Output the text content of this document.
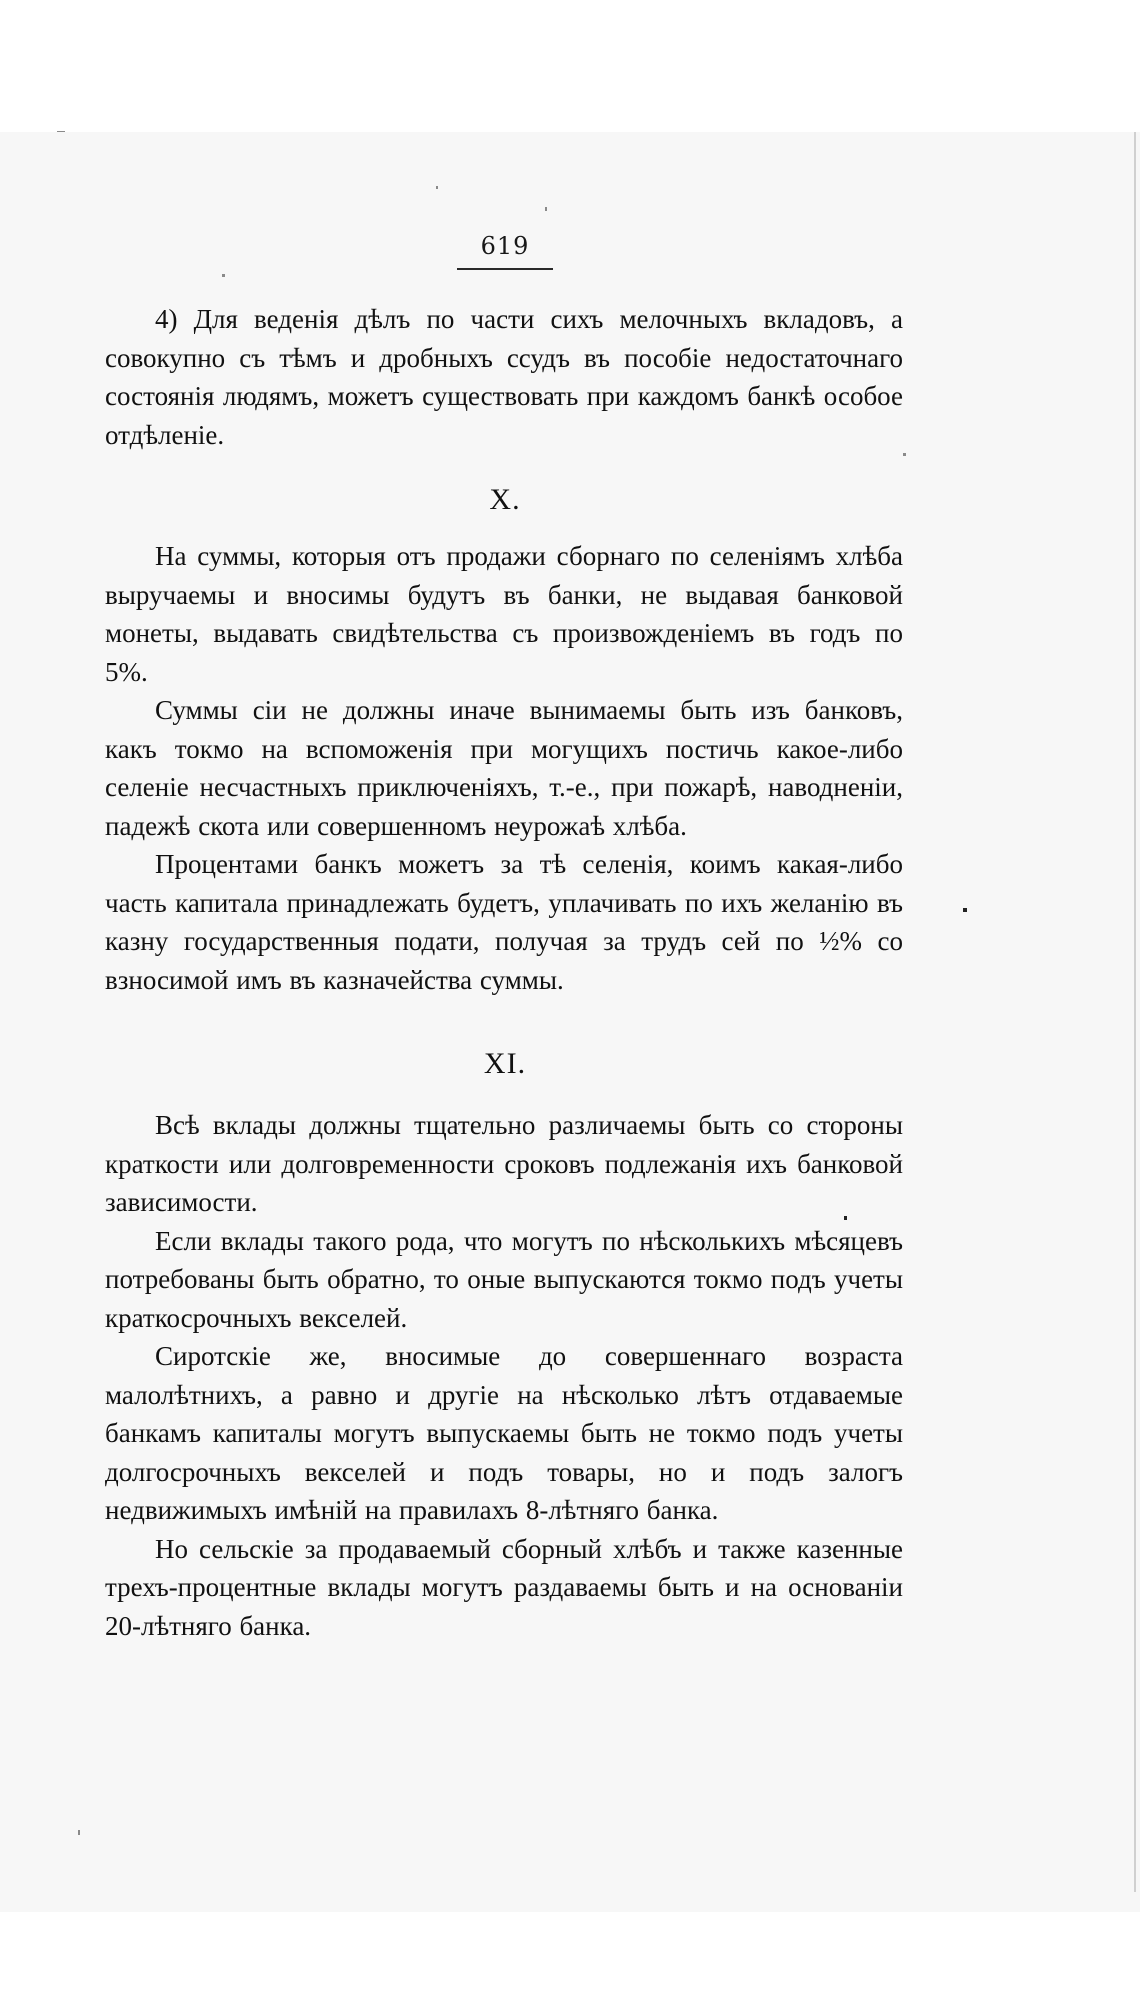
619

4) Для веденія дѣлъ по части сихъ мелочныхъ вкладовъ, а совокупно съ тѣмъ и дробныхъ ссудъ въ пособіе недостаточнаго состоянія людямъ, можетъ существовать при каждомъ банкѣ особое отдѣленіе.

X.

На суммы, которыя отъ продажи сборнаго по селеніямъ хлѣба выручаемы и вносимы будутъ въ банки, не выдавая банковой монеты, выдавать свидѣтельства съ произвожденіемъ въ годъ по 5%.

Суммы сіи не должны иначе вынимаемы быть изъ банковъ, какъ токмо на вспоможенія при могущихъ постичь какое-либо селеніе несчастныхъ приключеніяхъ, т.-е., при пожарѣ, наводненіи, падежѣ скота или совершенномъ неурожаѣ хлѣба.

Процентами банкъ можетъ за тѣ селенія, коимъ какая-либо часть капитала принадлежать будетъ, уплачивать по ихъ желанію въ казну государственныя подати, получая за трудъ сей по ½% со взносимой имъ въ казначейства суммы.

XI.

Всѣ вклады должны тщательно различаемы быть со стороны краткости или долговременности сроковъ подлежанія ихъ банковой зависимости.

Если вклады такого рода, что могутъ по нѣсколькихъ мѣсяцевъ потребованы быть обратно, то оные выпускаются токмо подъ учеты краткосрочныхъ векселей.

Сиротскіе же, вносимые до совершеннаго возраста малолѣтнихъ, а равно и другіе на нѣсколько лѣтъ отдаваемые банкамъ капиталы могутъ выпускаемы быть не токмо подъ учеты долгосрочныхъ векселей и подъ товары, но и подъ залогъ недвижимыхъ имѣній на правилахъ 8-лѣтняго банка.

Но сельскіе за продаваемый сборный хлѣбъ и также казенные трехъ-процентные вклады могутъ раздаваемы быть и на основаніи 20-лѣтняго банка.
